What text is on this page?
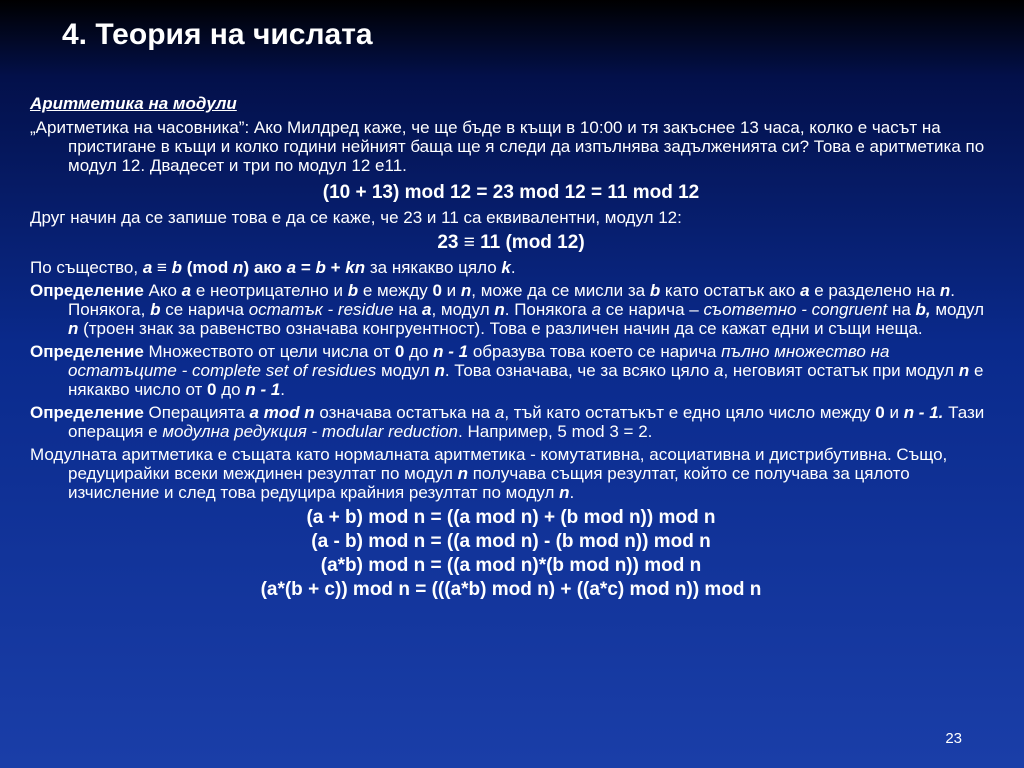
4. Теория на числата
Аритметика на модули
„Аритметика на часовника”: Ако Милдред каже, че ще бъде в къщи в 10:00 и тя закъснее 13 часа, колко е часът на пристигане в къщи и колко години нейният баща ще я следи да изпълнява задълженията си? Това е аритметика по модул 12. Двадесет и три по модул 12 е11.
(10 + 13) mod 12 = 23 mod 12 = 11 mod 12
Друг начин да се запише това е да се каже, че 23 и 11 са еквивалентни, модул 12:
23 ≡ 11 (mod 12)
По същество, a ≡ b (mod n) ако a = b + kn за някакво цяло k.
Определение Ако a е неотрицателно и b е между 0 и n, може да се мисли за b като остатък ако a е разделено на n. Понякога, b се нарича остатък - residue на a, модул n. Понякога a се нарича – съответно - congruent на b, модул n (троен знак за равенство означава конгруентност). Това е различен начин да се кажат едни и същи неща.
Определение Множеството от цели числа от 0 до n - 1 образува това което се нарича пълно множество на остатъците - complete set of residues модул n. Това означава, че за всяко цяло a, неговият остатък при модул n е някакво число от 0 до n - 1.
Определение Операцията a mod n означава остатъка на a, тъй като остатъкът е едно цяло число между 0 и n - 1. Тази операция е модулна редукция - modular reduction. Например, 5 mod 3 = 2.
Модулната аритметика е същата като нормалната аритметика - комутативна, асоциативна и дистрибутивна. Също, редуцирайки всеки междинен резултат по модул n получава същия резултат, който се получава за цялото изчисление и след това редуцира крайния резултат по модул n.
(a + b) mod n = ((a mod n) + (b mod n)) mod n
(a - b) mod n = ((a mod n) - (b mod n)) mod n
(a*b) mod n = ((a mod n)*(b mod n)) mod n
(a*(b + c)) mod n = (((a*b) mod n) + ((a*c) mod n)) mod n
23
